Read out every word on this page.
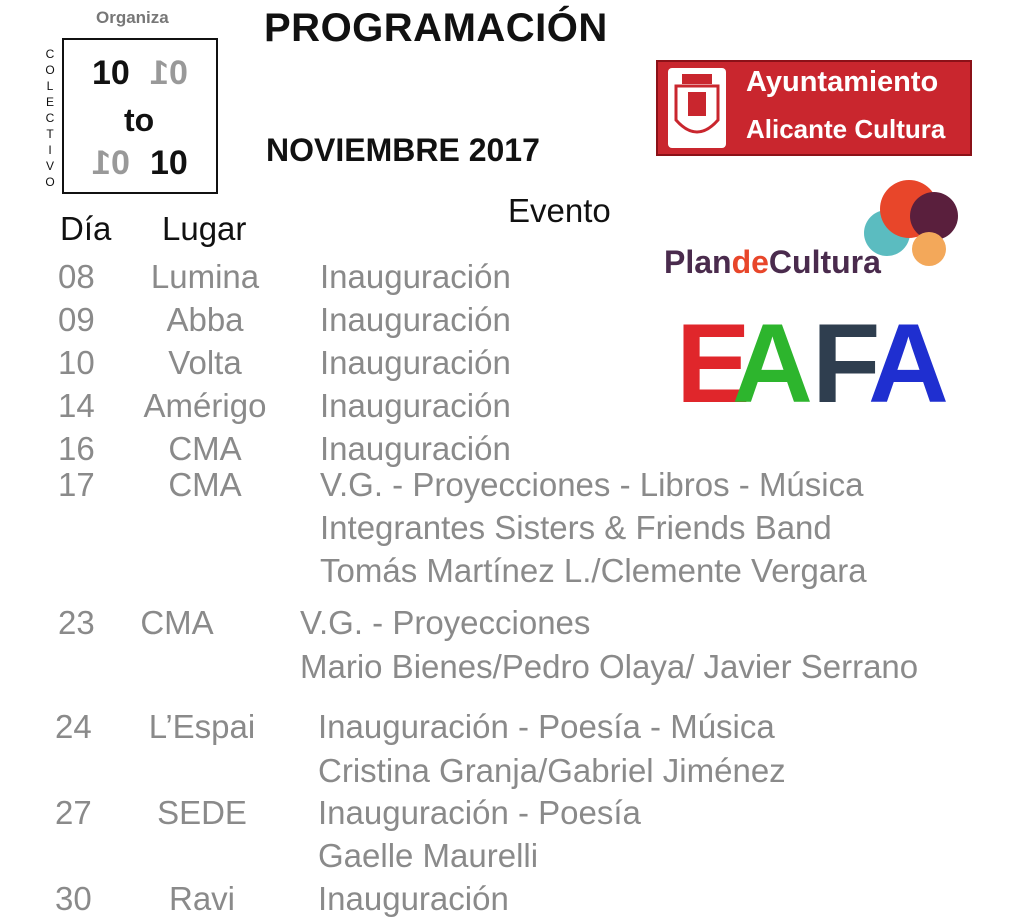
Organiza
C
O
L
E
C
T
I
V
O
10 01
to
01 10
PROGRAMACIÓN
NOVIEMBRE 2017
Ayuntamiento
Alicante Cultura
PlandeCultura
E
A F
A
Día Lugar	Evento
08	Lumina	Inauguración
09	Abba	Inauguración
10	Volta	Inauguración
14	Amérigo	Inauguración
16	CMA	Inauguración
17	CMA	V.G. - Proyecciones - Libros - Música
Integrantes Sisters & Friends Band
Tomás Martínez L./Clemente Vergara
23	CMA	V.G. - Proyecciones
Mario Bienes/Pedro Olaya/ Javier Serrano
24	L’Espai	Inauguración - Poesía - Música
Cristina Granja/Gabriel Jiménez
27	SEDE	Inauguración - Poesía
Gaelle Maurelli
30	Ravi	Inauguración
